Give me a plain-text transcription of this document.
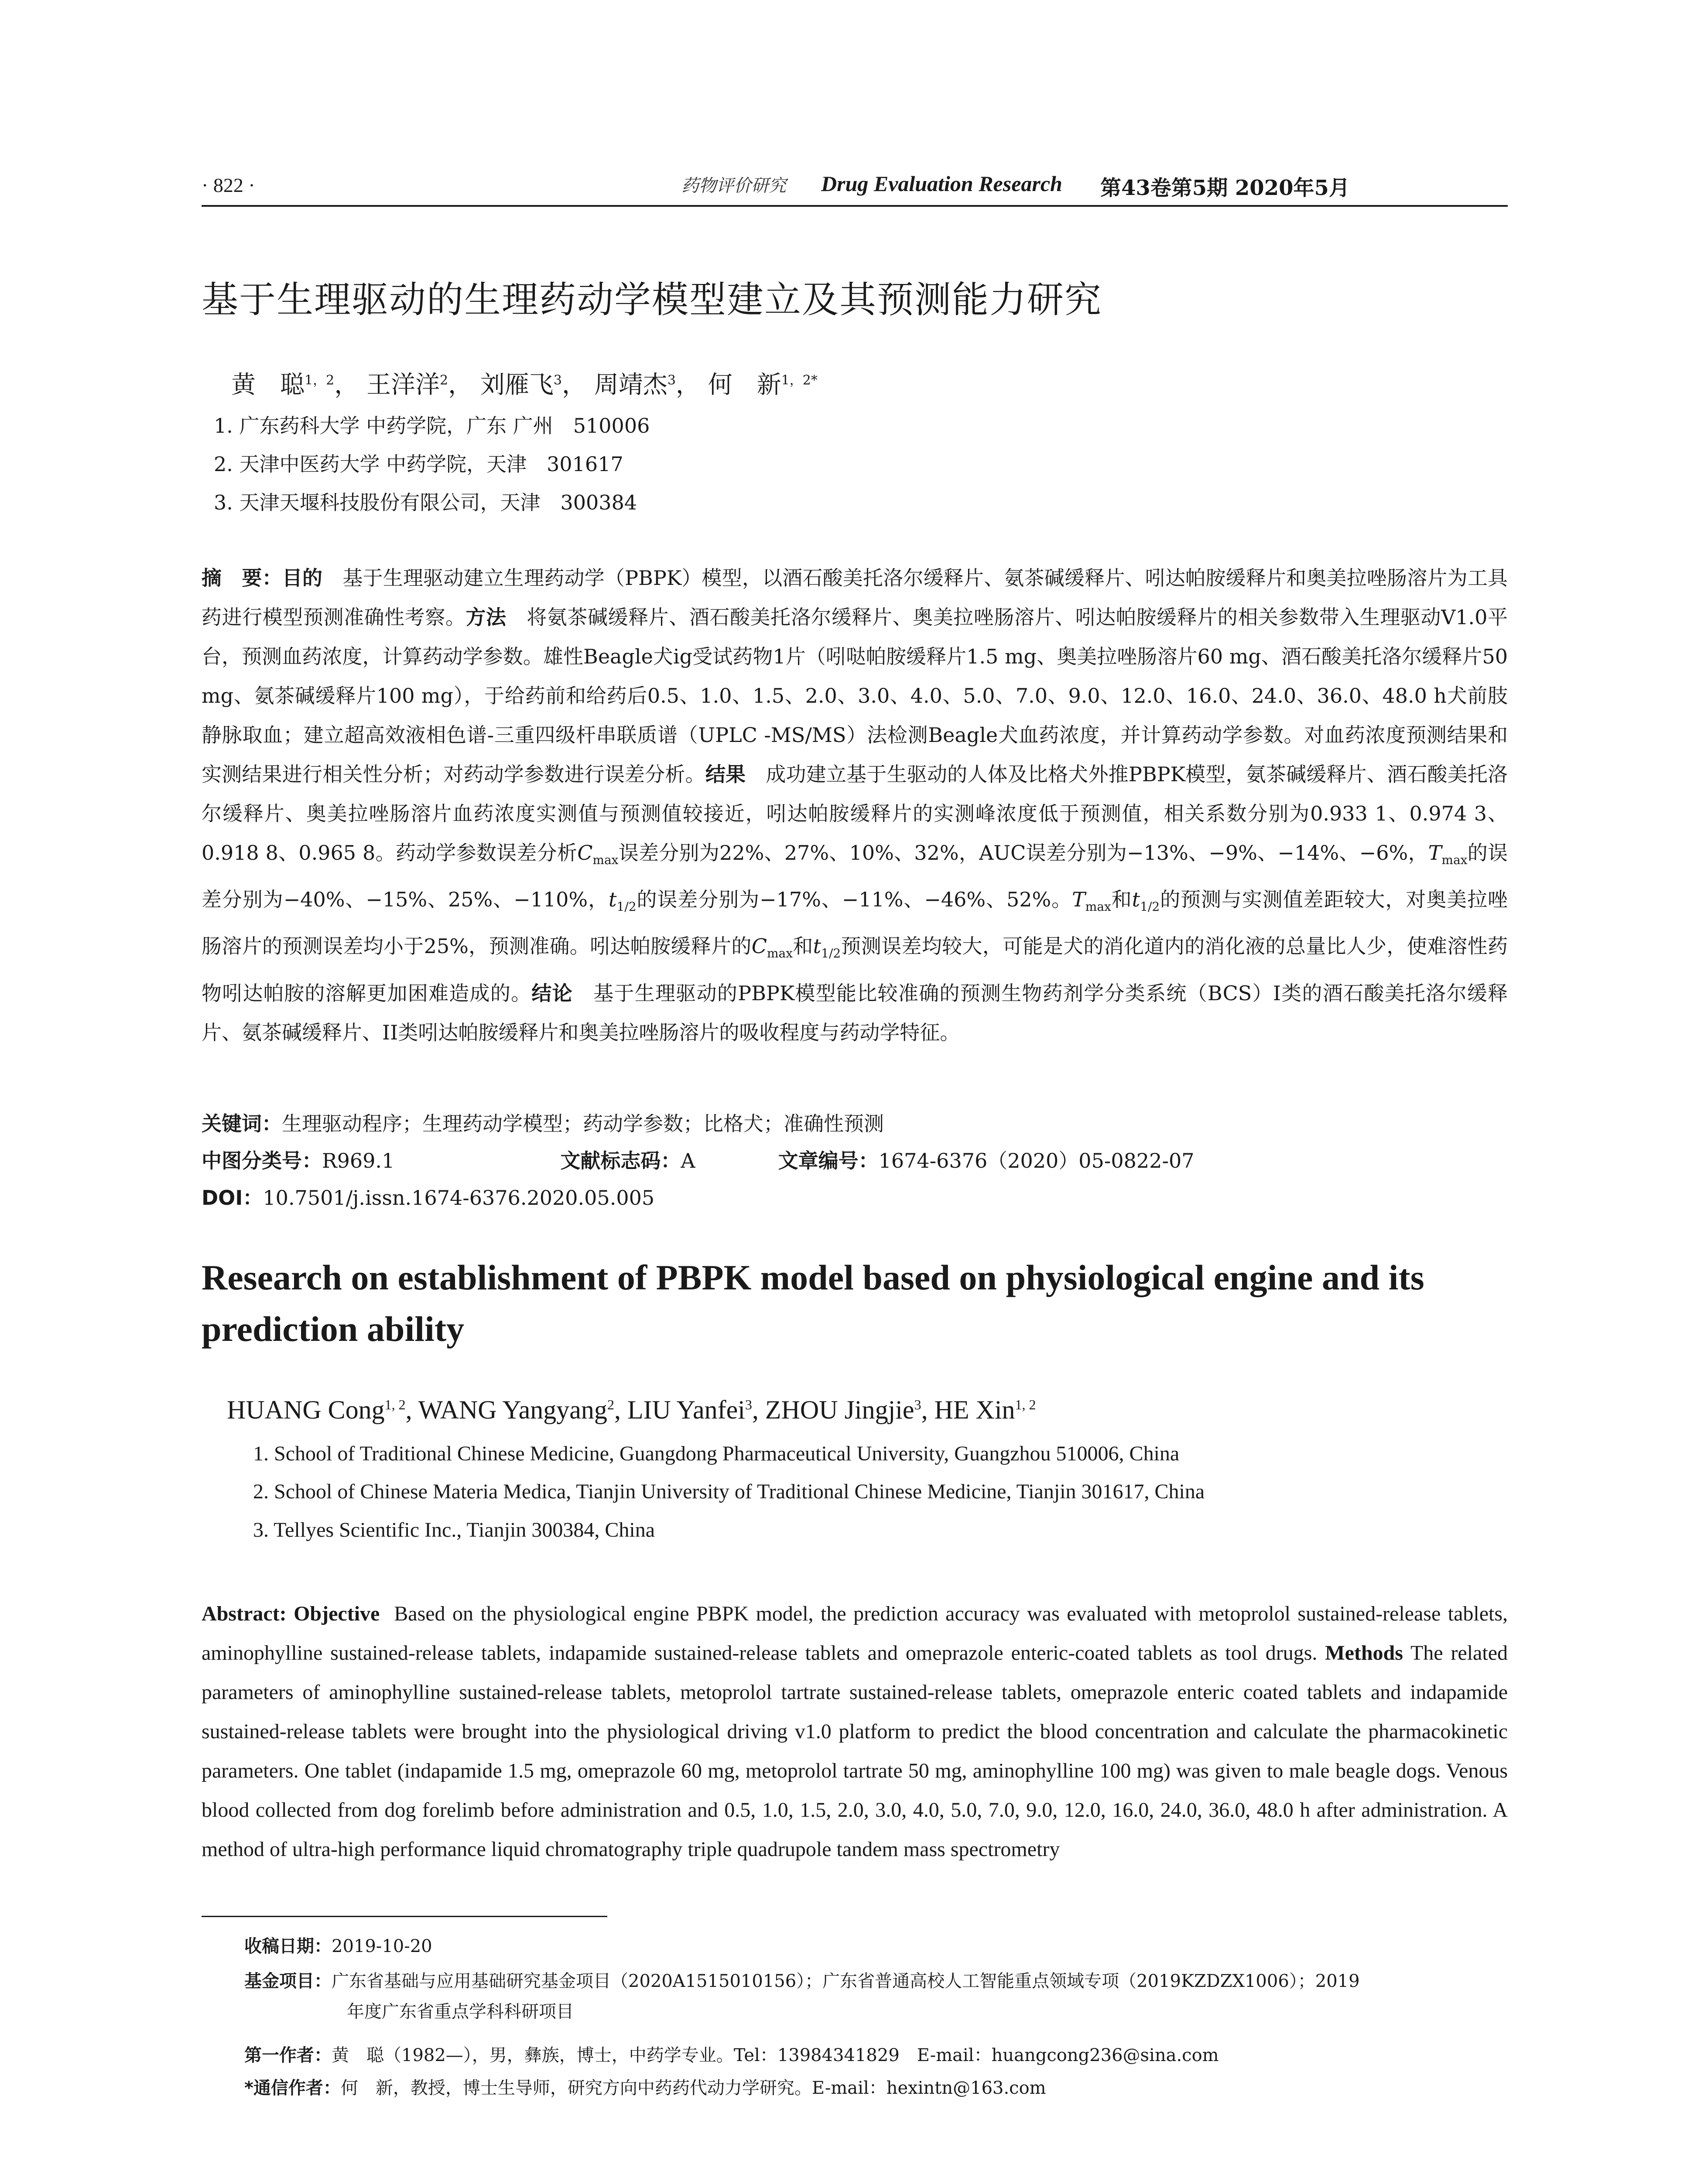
· 822 ·	药物评价研究 Drug Evaluation Research 第43卷第5期 2020年5月
基于生理驱动的生理药动学模型建立及其预测能力研究
黄　聪$^{1,2}$， 王洋洋$^2$， 刘雁飞$^3$， 周靖杰$^3$， 何　新$^{1,2*}$
1. 广东药科大学 中药学院，广东 广州　510006
2. 天津中医药大学 中药学院，天津　301617
3. 天津天堰科技股份有限公司，天津　300384
摘　要：目的　 基于生理驱动建立生理药动学（PBPK）模型，以酒石酸美托洛尔缓释片、氨茶碱缓释片、吲达帕胺缓释片和奥美拉唑肠溶片为工具药进行模型预测准确性考察。方法　 将氨茶碱缓释片、酒石酸美托洛尔缓释片、奥美拉唑肠溶片、吲达帕胺缓释片的相关参数带入生理驱动V1.0平台，预测血药浓度，计算药动学参数。雄性Beagle犬ig受试药物1片（吲哒帕胺缓释片1.5 mg、奥美拉唑肠溶片60 mg、酒石酸美托洛尔缓释片50 mg、氨茶碱缓释片100 mg），于给药前和给药后0.5、1.0、1.5、2.0、3.0、4.0、5.0、7.0、9.0、12.0、16.0、24.0、36.0、48.0 h犬前肢静脉取血；建立超高效液相色谱-三重四级杆串联质谱（UPLC -MS/MS）法检测Beagle犬血药浓度，并计算药动学参数。对血药浓度预测结果和实测结果进行相关性分析；对药动学参数进行误差分析。结果　 成功建立基于生驱动的人体及比格犬外推PBPK模型，氨茶碱缓释片、酒石酸美托洛尔缓释片、奥美拉唑肠溶片血药浓度实测值与预测值较接近，吲达帕胺缓释片的实测峰浓度低于预测值，相关系数分别为0.933 1、0.974 3、0.918 8、0.965 8。药动学参数误差分析$C_{max}$误差分别为22%、27%、10%、32%，AUC误差分别为−13%、−9%、−14%、−6%，$T_{max}$的误差分别为−40%、−15%、25%、−110%，$t_{1/2}$的误差分别为−17%、−11%、−46%、52%。$T_{max}$和$t_{1/2}$的预测与实测值差距较大，对奥美拉唑肠溶片的预测误差均小于25%，预测准确。吲达帕胺缓释片的$C_{max}$和$t_{1/2}$预测误差均较大，可能是犬的消化道内的消化液的总量比人少，使难溶性药物吲达帕胺的溶解更加困难造成的。结论　 基于生理驱动的PBPK模型能比较准确的预测生物药剂学分类系统（BCS）I类的酒石酸美托洛尔缓释片、氨茶碱缓释片、II类吲达帕胺缓释片和奥美拉唑肠溶片的吸收程度与药动学特征。
关键词：生理驱动程序；生理药动学模型；药动学参数；比格犬；准确性预测
中图分类号：R969.1	文献标志码：A	文章编号：1674-6376（2020）05-0822-07
DOI：10.7501/j.issn.1674-6376.2020.05.005
Research on establishment of PBPK model based on physiological engine and its prediction ability
HUANG Cong$^{1, 2}$, WANG Yangyang$^2$, LIU Yanfei$^3$, ZHOU Jingjie$^3$, HE Xin$^{1, 2}$
1. School of Traditional Chinese Medicine, Guangdong Pharmaceutical University, Guangzhou 510006, China
2. School of Chinese Materia Medica, Tianjin University of Traditional Chinese Medicine, Tianjin 301617, China
3. Tellyes Scientific Inc., Tianjin 300384, China
Abstract: Objective Based on the physiological engine PBPK model, the prediction accuracy was evaluated with metoprolol sustained-release tablets, aminophylline sustained-release tablets, indapamide sustained-release tablets and omeprazole enteric-coated tablets as tool drugs. Methods The related parameters of aminophylline sustained-release tablets, metoprolol tartrate sustained-release tablets, omeprazole enteric coated tablets and indapamide sustained-release tablets were brought into the physiological driving v1.0 platform to predict the blood concentration and calculate the pharmacokinetic parameters. One tablet (indapamide 1.5 mg, omeprazole 60 mg, metoprolol tartrate 50 mg, aminophylline 100 mg) was given to male beagle dogs. Venous blood collected from dog forelimb before administration and 0.5, 1.0, 1.5, 2.0, 3.0, 4.0, 5.0, 7.0, 9.0, 12.0, 16.0, 24.0, 36.0, 48.0 h after administration. A method of ultra-high performance liquid chromatography triple quadrupole tandem mass spectrometry
收稿日期：2019-10-20
基金项目：广东省基础与应用基础研究基金项目（2020A1515010156）；广东省普通高校人工智能重点领域专项（2019KZDZX1006）；2019
年度广东省重点学科科研项目
第一作者：黄　聪（1982—），男，彝族，博士，中药学专业。Tel：13984341829　E-mail：huangcong236@sina.com
*通信作者：何　新，教授，博士生导师，研究方向中药药代动力学研究。E-mail：hexintn@163.com
